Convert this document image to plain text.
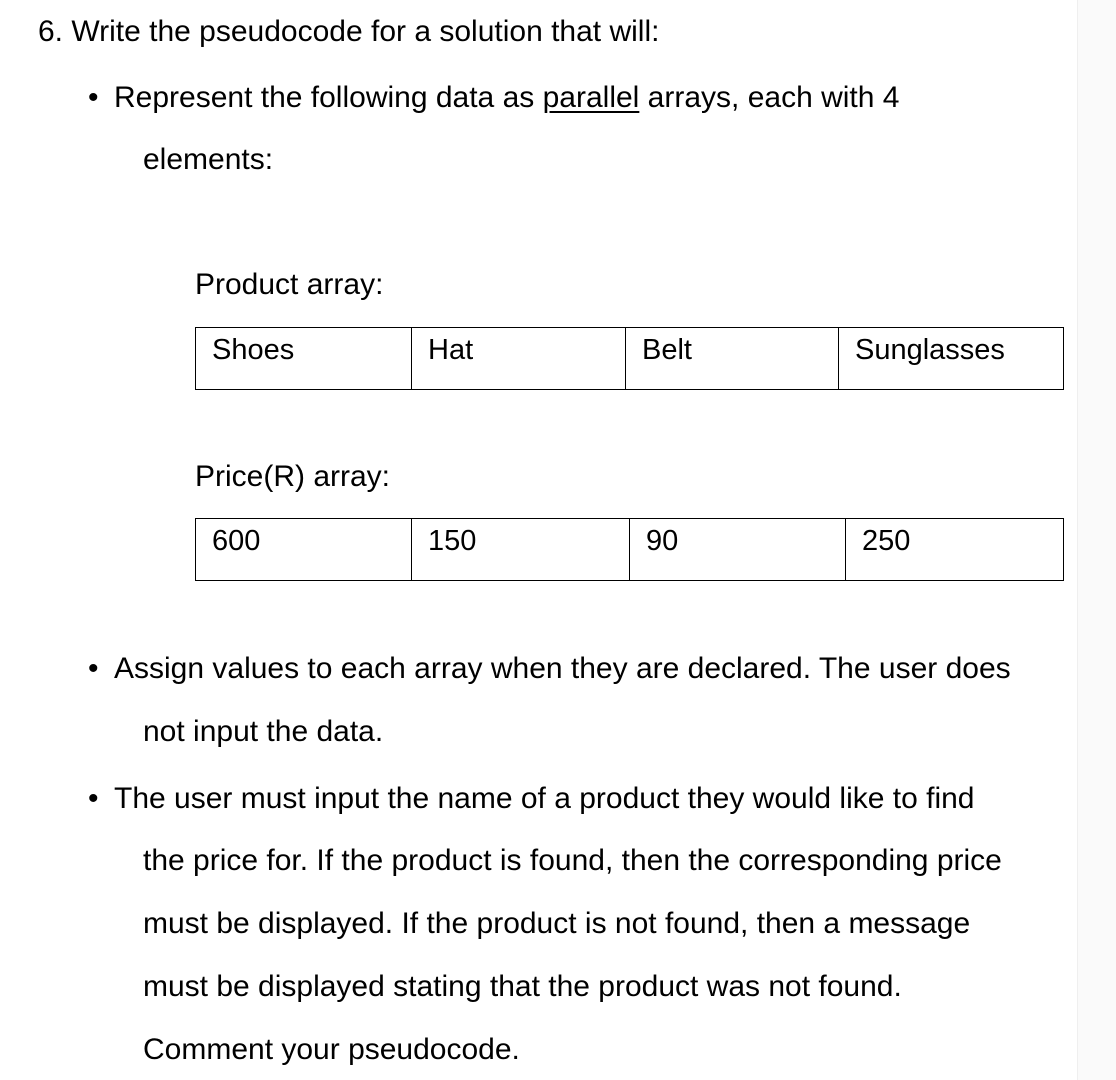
6. Write the pseudocode for a solution that will:
• Represent the following data as parallel arrays, each with 4
elements:
Product array:
Shoes	Hat	Belt	Sunglasses
Price(R) array:
600	150	90	250
• Assign values to each array when they are declared. The user does
not input the data.
• The user must input the name of a product they would like to find
the price for. If the product is found, then the corresponding price
must be displayed. If the product is not found, then a message
must be displayed stating that the product was not found.
Comment your pseudocode.
